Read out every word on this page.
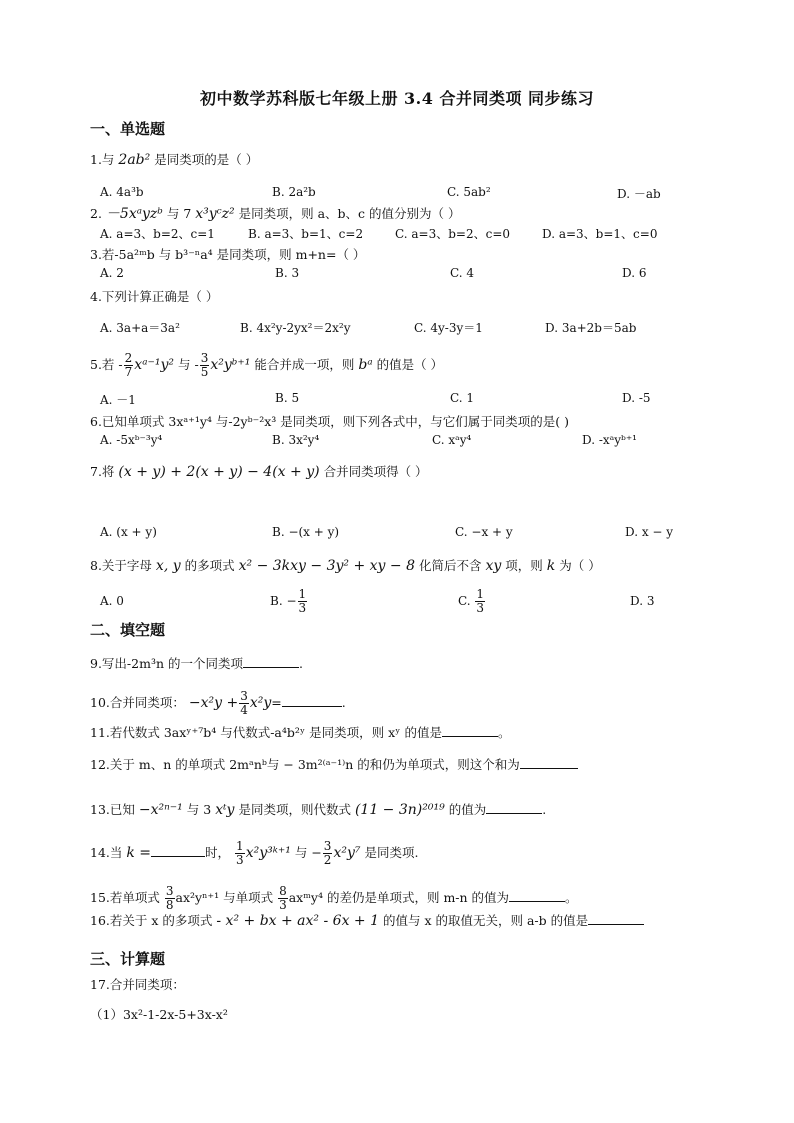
初中数学苏科版七年级上册 3.4 合并同类项 同步练习
一、单选题
1.与 2ab² 是同类项的是（ ）
A. 4a³b	B. 2a²b	C. 5ab²	D. －ab
2. －5xᵃyzᵇ 与 7 x³yᶜz² 是同类项，则 a、b、c 的值分别为（ ）
A. a=3、b=2、c=1	B. a=3、b=1、c=2	C. a=3、b=2、c=0	D. a=3、b=1、c=0
3.若-5a²ᵐb 与 b³⁻ⁿa⁴ 是同类项，则 m+n=（ ）
A. 2	B. 3	C. 4	D. 6
4.下列计算正确是（ ）
A. 3a+a＝3a²	B. 4x²y-2yx²＝2x²y	C. 4y-3y＝1	D. 3a+2b＝5ab
5.若 - $\frac{2}{7}$ xᵃ⁻¹y² 与 - $\frac{3}{5}$ x²yᵇ⁺¹ 能合并成一项，则 bᵃ 的值是（ ）
A. －1	B. 5	C. 1	D. -5
6.已知单项式 3xᵃ⁺¹y⁴ 与-2yᵇ⁻²x³ 是同类项，则下列各式中，与它们属于同类项的是( )
A. -5xᵇ⁻³y⁴	B. 3x²y⁴	C. xᵃy⁴	D. -xᵃyᵇ⁺¹
7.将 (x + y) + 2(x + y) − 4(x + y) 合并同类项得（ ）
A. (x + y)	B. −(x + y)	C. −x + y	D. x − y
8.关于字母 x, y 的多项式 x² − 3kxy − 3y² + xy − 8 化简后不含 xy 项，则 k 为（ ）
A. 0	B. − $\frac{1}{3}$	C. $\frac{1}{3}$	D. 3
二、填空题
9.写出-2m³n 的一个同类项	.
10.合并同类项： $-x^2y + \frac{3}{4} x^2y=$	.
11.若代数式 3axʸ⁺⁷b⁴ 与代数式-a⁴b²ʸ 是同类项，则 xʸ 的值是	。
12.关于 m、n 的单项式 2mᵃnᵇ与 − 3m²⁽ᵃ⁻¹⁾n 的和仍为单项式，则这个和为
13.已知 −x²ⁿ⁻¹ 与 3 xᵗy 是同类项，则代数式 (11 − 3n)²⁰¹⁹ 的值为	.
14.当 k =	时， $\frac{1}{3}$ x²y³ᵏ⁺¹ 与 − $\frac{3}{2} x^2y^7$ 是同类项.
15.若单项式 $\frac{3}{8} ax^2y^{n+1}$ 与单项式 $\frac{8}{3}$ axᵐy⁴ 的差仍是单项式，则 m-n 的值为	。
16.若关于 x 的多项式 - x² + bx + ax² - 6x + 1 的值与 x 的取值无关，则 a-b 的值是
三、计算题
17.合并同类项：
（1）3x²-1-2x-5+3x-x²
